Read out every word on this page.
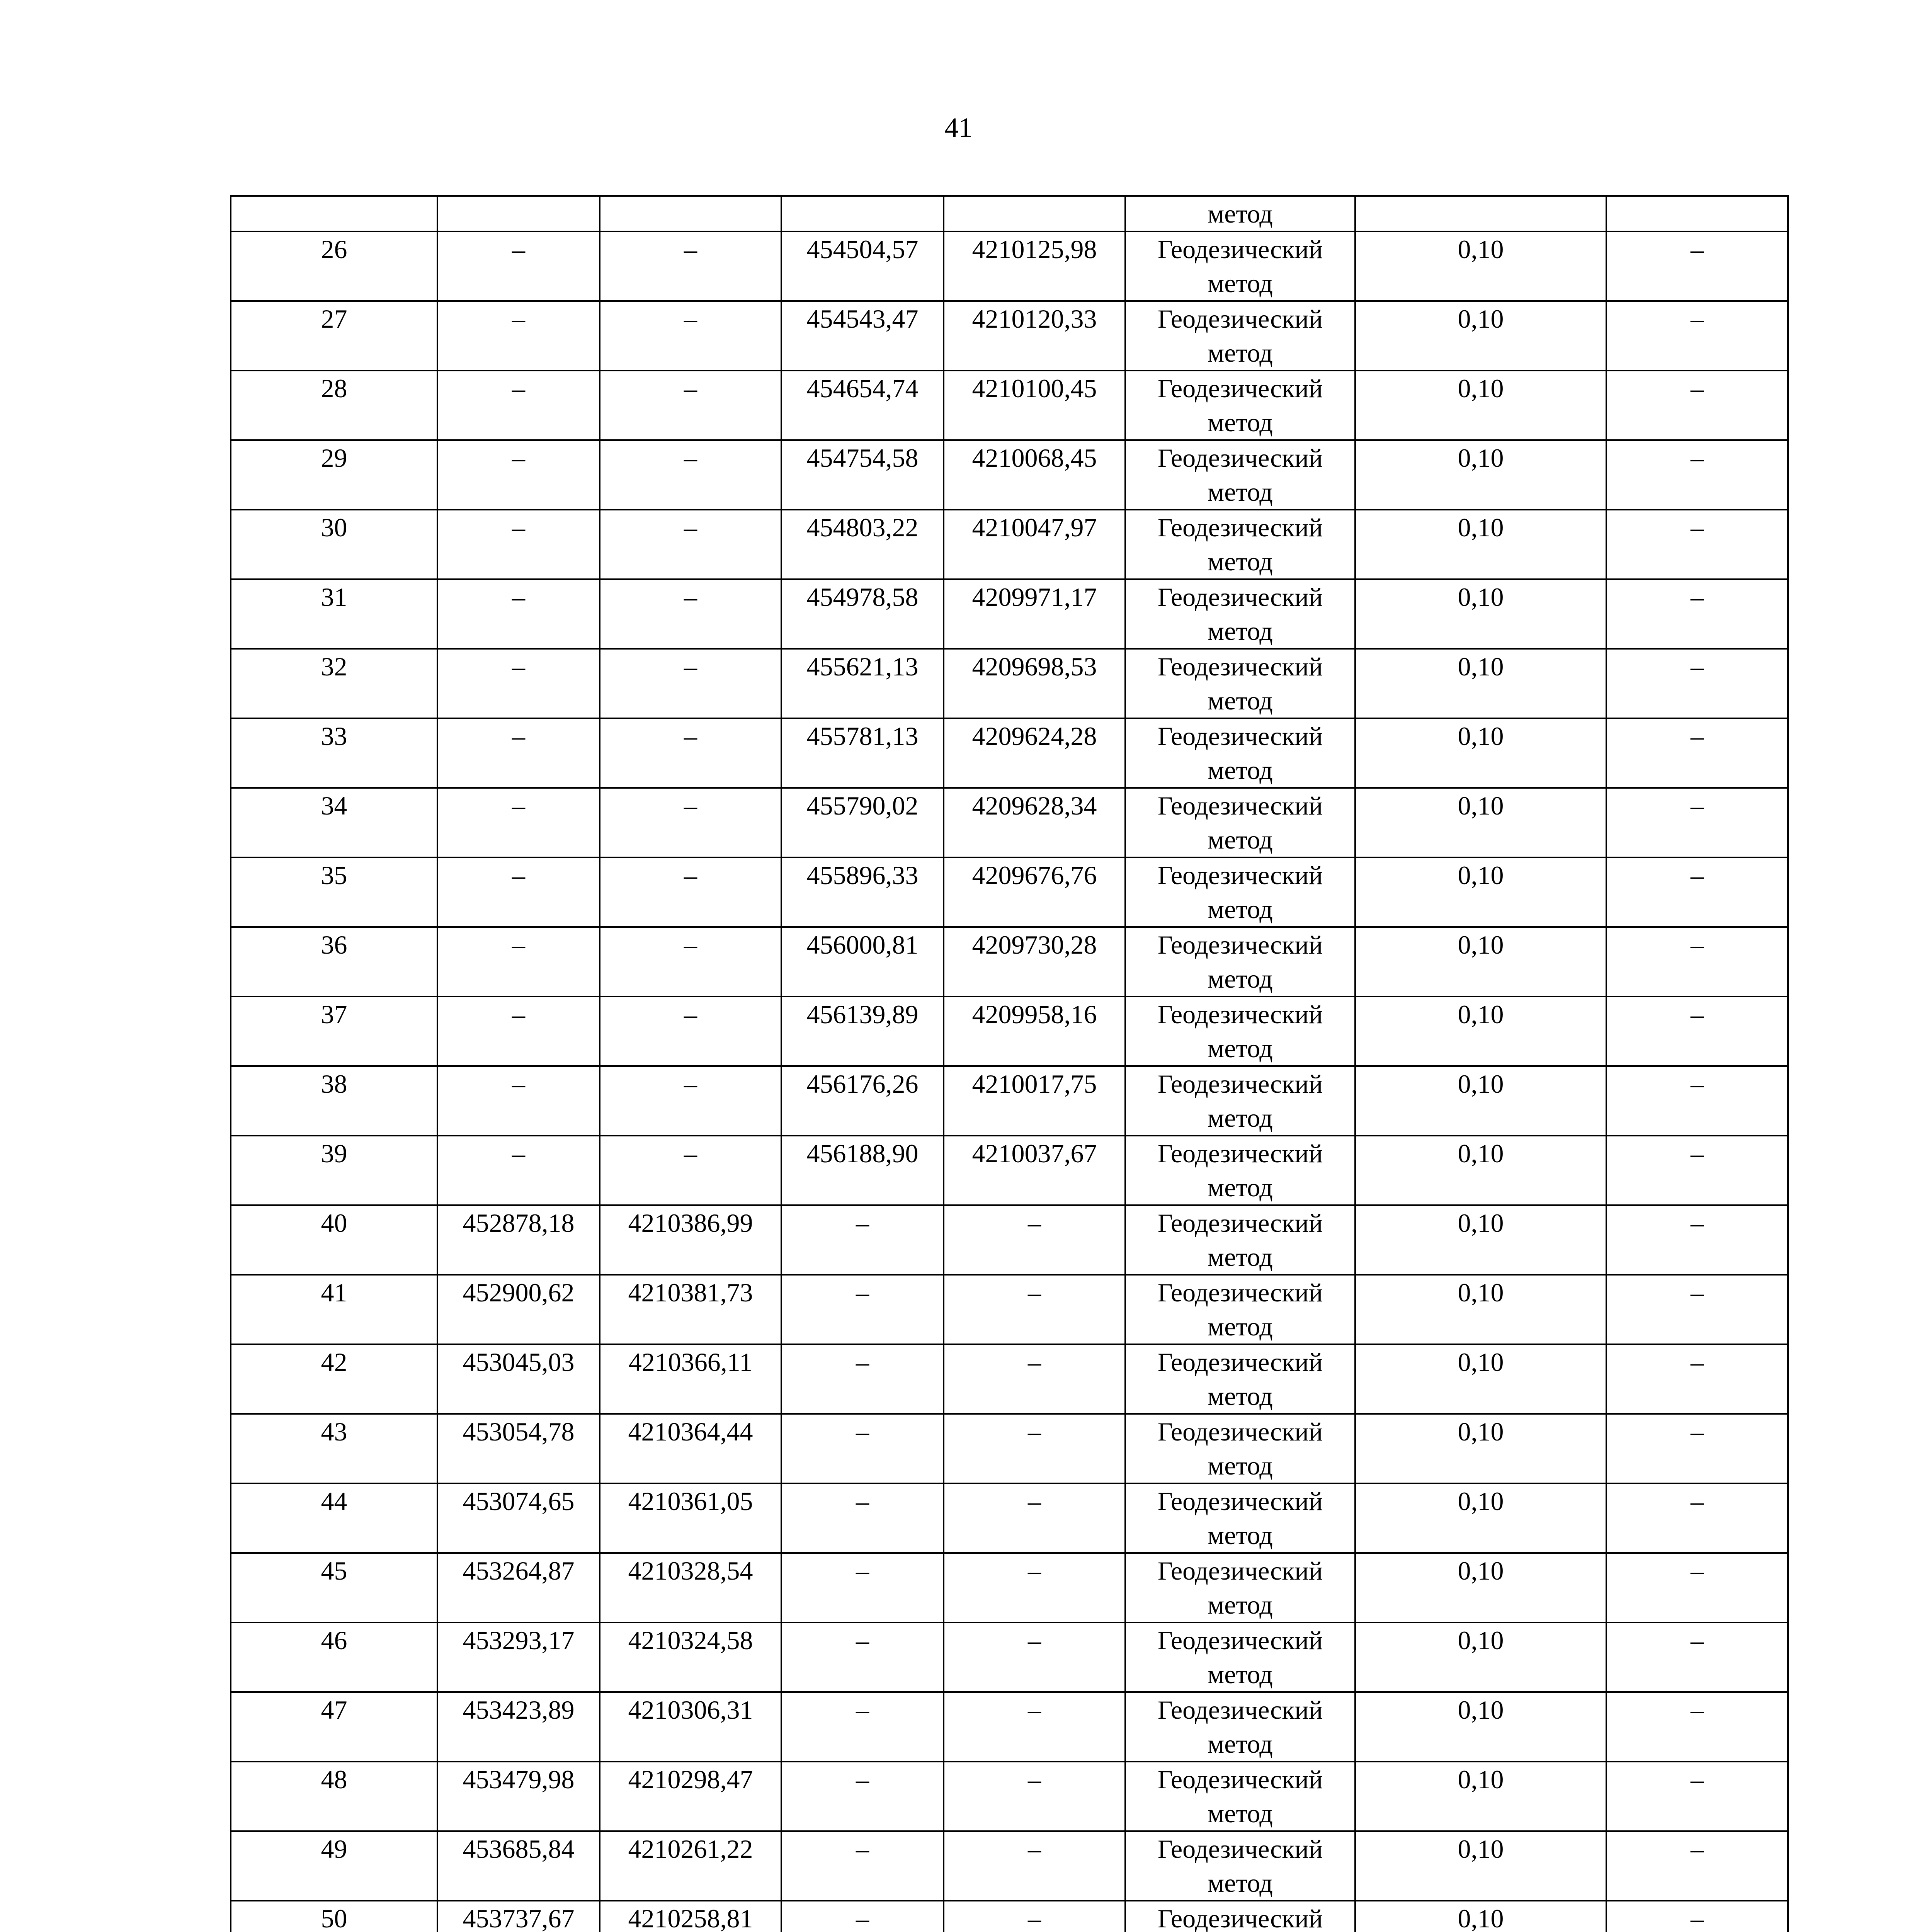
41
					метод		
26	–	–	454504,57	4210125,98	Геодезический метод	0,10	–
27	–	–	454543,47	4210120,33	Геодезический метод	0,10	–
28	–	–	454654,74	4210100,45	Геодезический метод	0,10	–
29	–	–	454754,58	4210068,45	Геодезический метод	0,10	–
30	–	–	454803,22	4210047,97	Геодезический метод	0,10	–
31	–	–	454978,58	4209971,17	Геодезический метод	0,10	–
32	–	–	455621,13	4209698,53	Геодезический метод	0,10	–
33	–	–	455781,13	4209624,28	Геодезический метод	0,10	–
34	–	–	455790,02	4209628,34	Геодезический метод	0,10	–
35	–	–	455896,33	4209676,76	Геодезический метод	0,10	–
36	–	–	456000,81	4209730,28	Геодезический метод	0,10	–
37	–	–	456139,89	4209958,16	Геодезический метод	0,10	–
38	–	–	456176,26	4210017,75	Геодезический метод	0,10	–
39	–	–	456188,90	4210037,67	Геодезический метод	0,10	–
40	452878,18	4210386,99	–	–	Геодезический метод	0,10	–
41	452900,62	4210381,73	–	–	Геодезический метод	0,10	–
42	453045,03	4210366,11	–	–	Геодезический метод	0,10	–
43	453054,78	4210364,44	–	–	Геодезический метод	0,10	–
44	453074,65	4210361,05	–	–	Геодезический метод	0,10	–
45	453264,87	4210328,54	–	–	Геодезический метод	0,10	–
46	453293,17	4210324,58	–	–	Геодезический метод	0,10	–
47	453423,89	4210306,31	–	–	Геодезический метод	0,10	–
48	453479,98	4210298,47	–	–	Геодезический метод	0,10	–
49	453685,84	4210261,22	–	–	Геодезический метод	0,10	–
50	453737,67	4210258,81	–	–	Геодезический	0,10	–
